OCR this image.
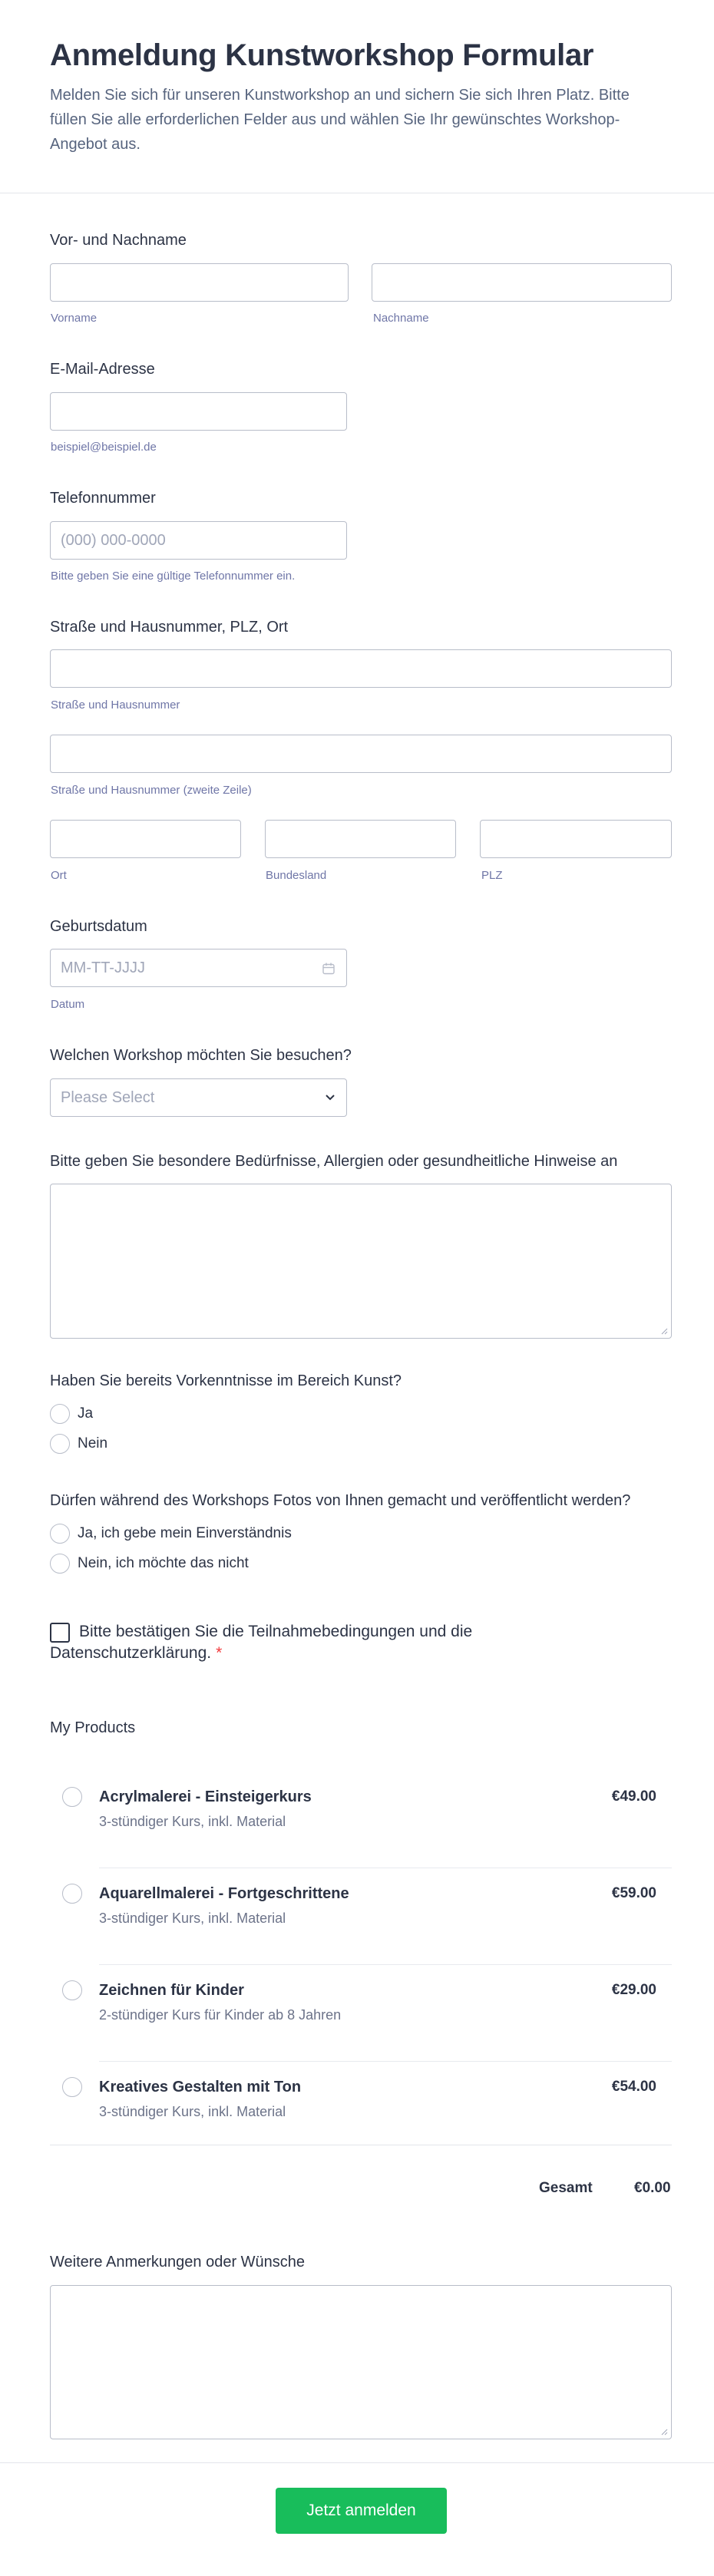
Anmeldung Kunstworkshop Formular

Melden Sie sich für unseren Kunstworkshop an und sichern Sie sich Ihren Platz. Bitte füllen Sie alle erforderlichen Felder aus und wählen Sie Ihr gewünschtes Workshop-Angebot aus.

Vor- und Nachname
Vorname	Nachname
E-Mail-Adresse
beispiel@beispiel.de
Telefonnummer
(000) 000-0000
Bitte geben Sie eine gültige Telefonnummer ein.
Straße und Hausnummer, PLZ, Ort
Straße und Hausnummer
Straße und Hausnummer (zweite Zeile)
Ort	Bundesland	PLZ
Geburtsdatum
MM-TT-JJJJ
Datum
Welchen Workshop möchten Sie besuchen?
Please Select
Bitte geben Sie besondere Bedürfnisse, Allergien oder gesundheitliche Hinweise an
Haben Sie bereits Vorkenntnisse im Bereich Kunst?
Ja
Nein
Dürfen während des Workshops Fotos von Ihnen gemacht und veröffentlicht werden?
Ja, ich gebe mein Einverständnis
Nein, ich möchte das nicht
Bitte bestätigen Sie die Teilnahmebedingungen und die Datenschutzerklärung. *
My Products
Acrylmalerei - Einsteigerkurs
3-stündiger Kurs, inkl. Material
€49.00
Aquarellmalerei - Fortgeschrittene
3-stündiger Kurs, inkl. Material
€59.00
Zeichnen für Kinder
2-stündiger Kurs für Kinder ab 8 Jahren
€29.00
Kreatives Gestalten mit Ton
3-stündiger Kurs, inkl. Material
€54.00
Gesamt	€0.00
Weitere Anmerkungen oder Wünsche
Jetzt anmelden
